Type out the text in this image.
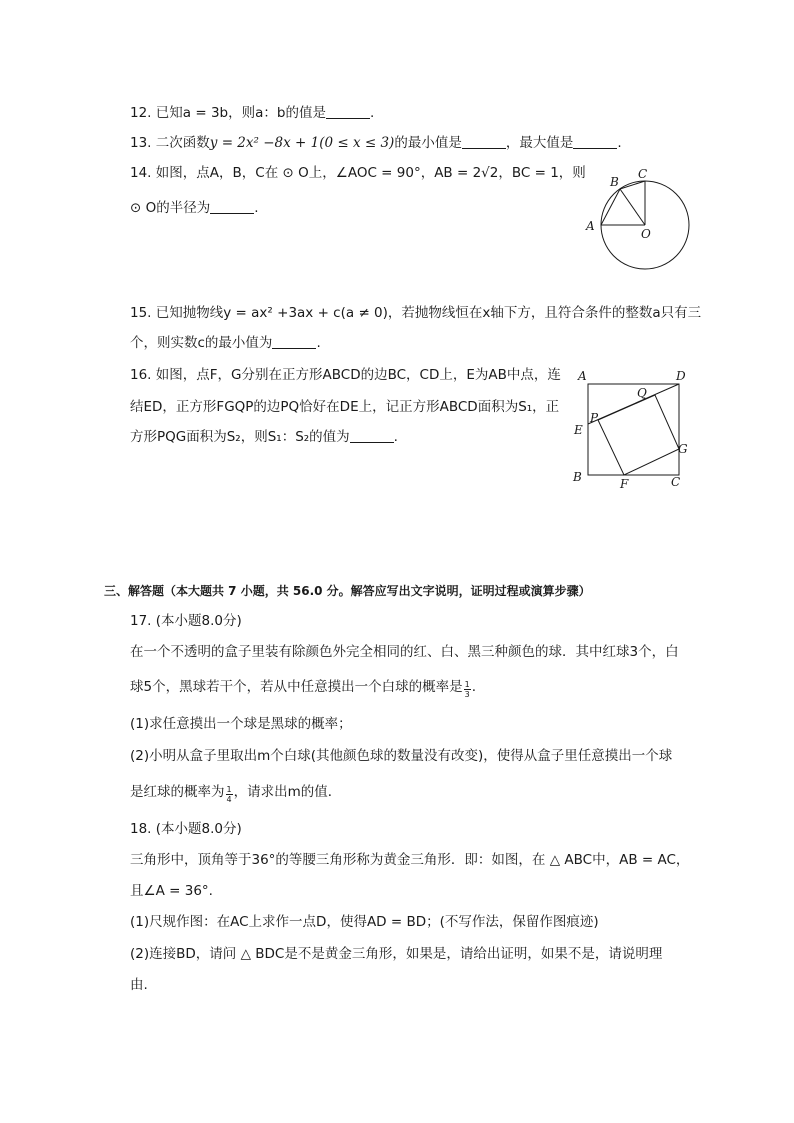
12. 已知a = 3b，则a：b的值是	.
13. 二次函数y = 2x² −8x + 1(0 ≤ x ≤ 3)的最小值是	，最大值是	.
14. 如图，点A，B，C在 ⊙ O上，∠AOC = 90°，AB = 2√2，BC = 1，则
⊙ O的半径为	.
A
B
C
O
15. 已知抛物线y = ax² +3ax + c(a ≠ 0)，若抛物线恒在x轴下方，且符合条件的整数a只有三
个，则实数c的最小值为	.
16. 如图，点F，G分别在正方形ABCD的边BC，CD上，E为AB中点，连
结ED，正方形FGQP的边PQ恰好在DE上，记正方形ABCD面积为S₁，正
方形PQG面积为S₂，则S₁：S₂的值为	.
A	D
Q
P
E
G
B	F	C
三、解答题（本大题共 7 小题，共 56.0 分。解答应写出文字说明，证明过程或演算步骤）
17. (本小题8.0分)
在一个不透明的盒子里装有除颜色外完全相同的红、白、黑三种颜色的球．其中红球3个，白
球5个，黑球若干个，若从中任意摸出一个白球的概率是 $\frac{1}{3}$ .
(1)求任意摸出一个球是黑球的概率；
(2)小明从盒子里取出m个白球(其他颜色球的数量没有改变)，使得从盒子里任意摸出一个球
是红球的概率为 $\frac{1}{4}$ ，请求出m的值．
18. (本小题8.0分)
三角形中，顶角等于36°的等腰三角形称为黄金三角形．即：如图，在 △ ABC中，AB = AC，
且∠A = 36°.
(1)尺规作图：在AC上求作一点D，使得AD = BD；(不写作法，保留作图痕迹)
(2)连接BD，请问 △ BDC是不是黄金三角形，如果是，请给出证明，如果不是，请说明理
由.
